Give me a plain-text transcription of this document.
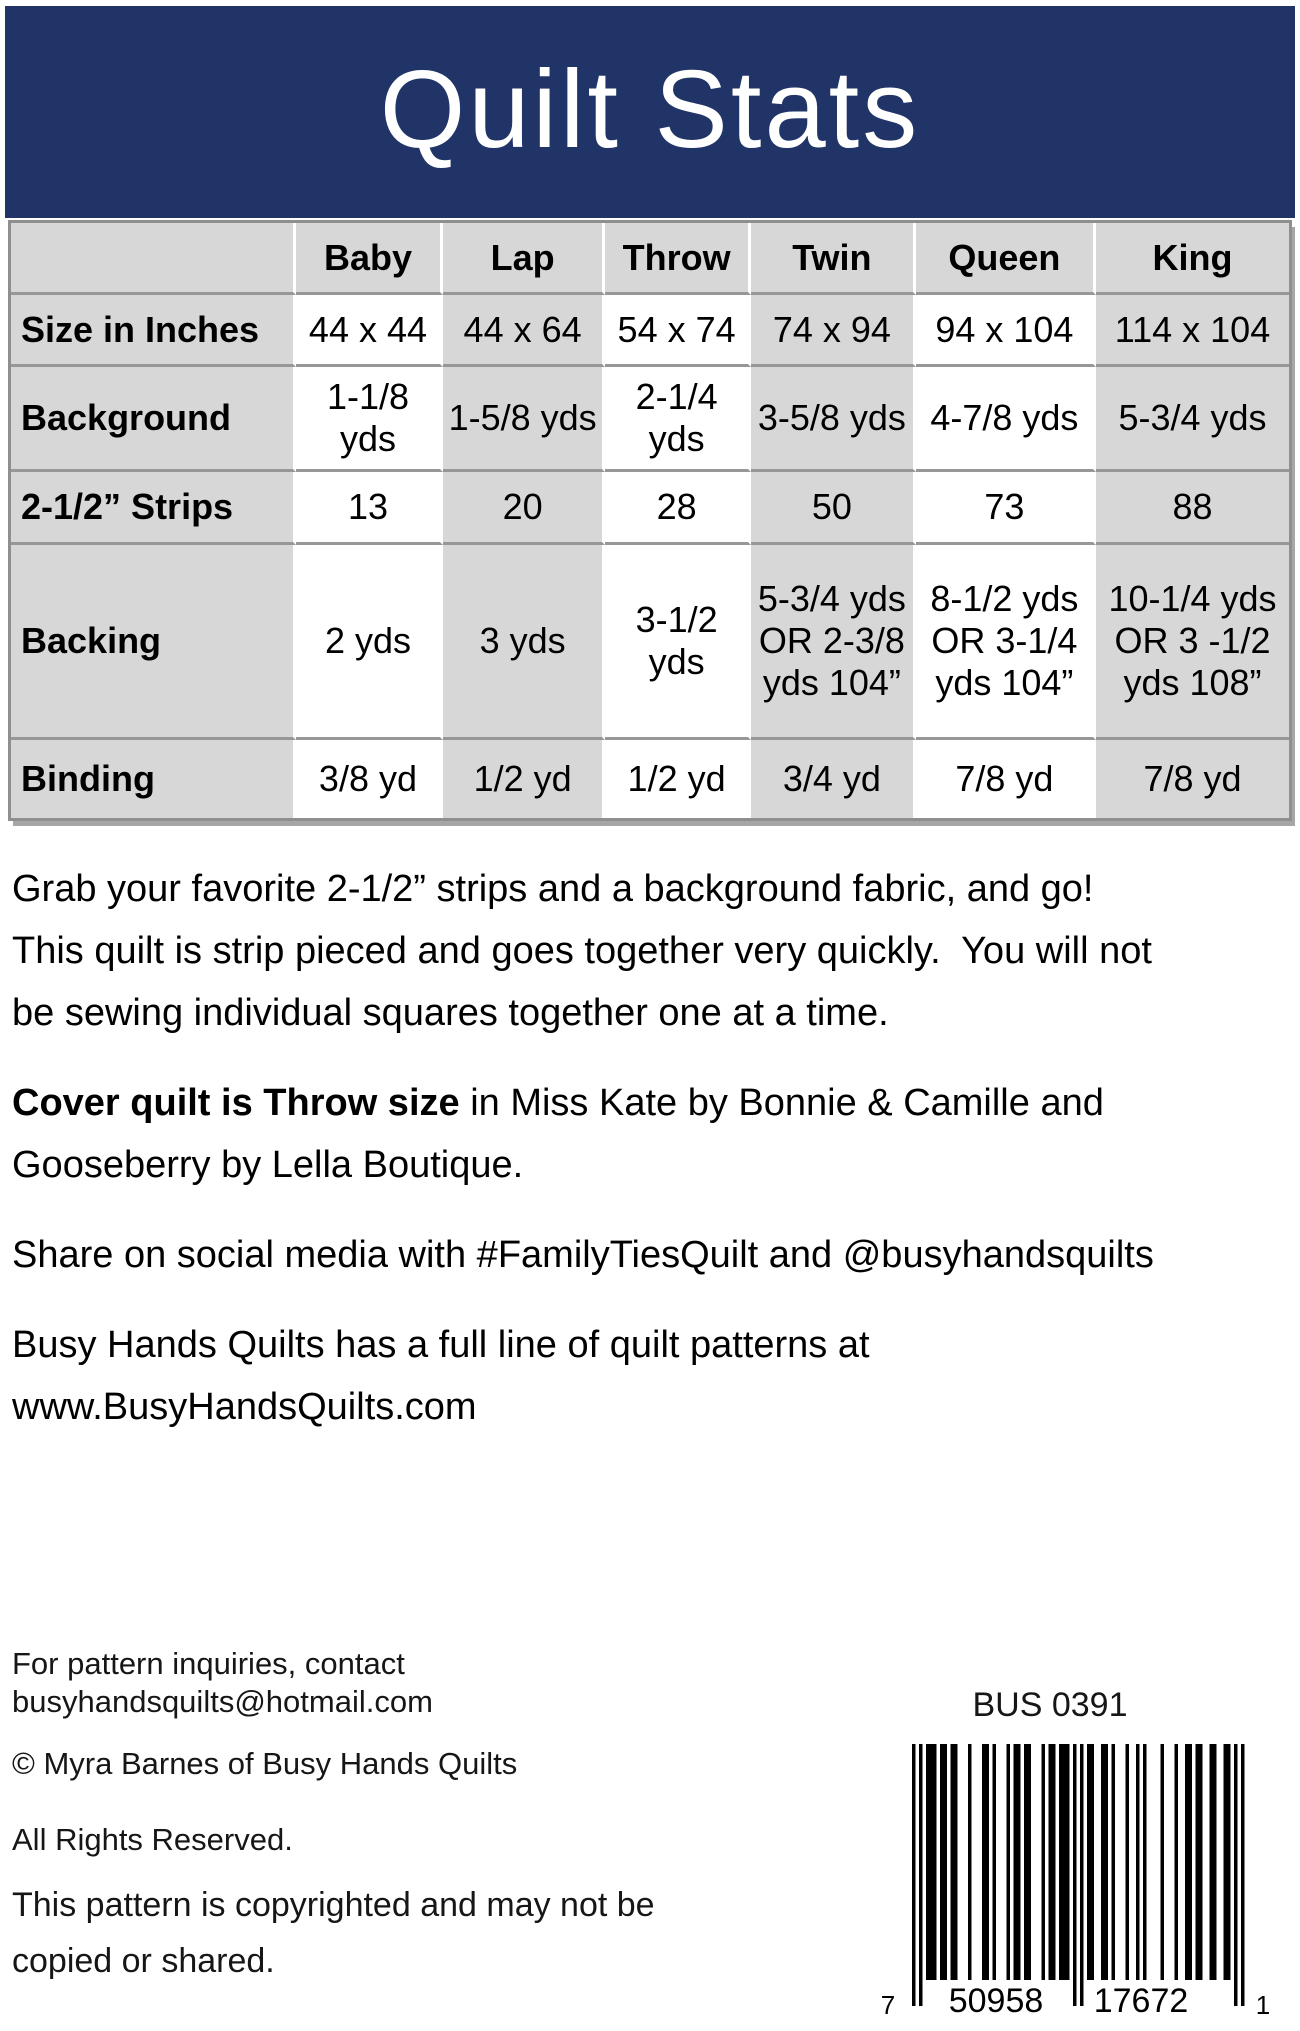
Quilt Stats
	Baby	Lap	Throw	Twin	Queen	King
Size in Inches	44 x 44	44 x 64	54 x 74	74 x 94	94 x 104	114 x 104
Background	1-1/8 yds	1-5/8 yds	2-1/4 yds	3-5/8 yds	4-7/8 yds	5-3/4 yds
2-1/2” Strips	13	20	28	50	73	88
Backing	2 yds	3 yds	3-1/2 yds	5-3/4 yds OR 2-3/8 yds 104”	8-1/2 yds OR 3-1/4 yds 104”	10-1/4 yds OR 3 -1/2 yds 108”
Binding	3/8 yd	1/2 yd	1/2 yd	3/4 yd	7/8 yd	7/8 yd
Grab your favorite 2-1/2” strips and a background fabric, and go!
This quilt is strip pieced and goes together very quickly.  You will not
be sewing individual squares together one at a time.
Cover quilt is Throw size in Miss Kate by Bonnie & Camille and
Gooseberry by Lella Boutique.
Share on social media with #FamilyTiesQuilt and @busyhandsquilts
Busy Hands Quilts has a full line of quilt patterns at
www.BusyHandsQuilts.com
For pattern inquiries, contact
busyhandsquilts@hotmail.com
© Myra Barnes of Busy Hands Quilts
All Rights Reserved.
This pattern is copyrighted and may not be
copied or shared.
BUS 0391
7 50958 17672	1
